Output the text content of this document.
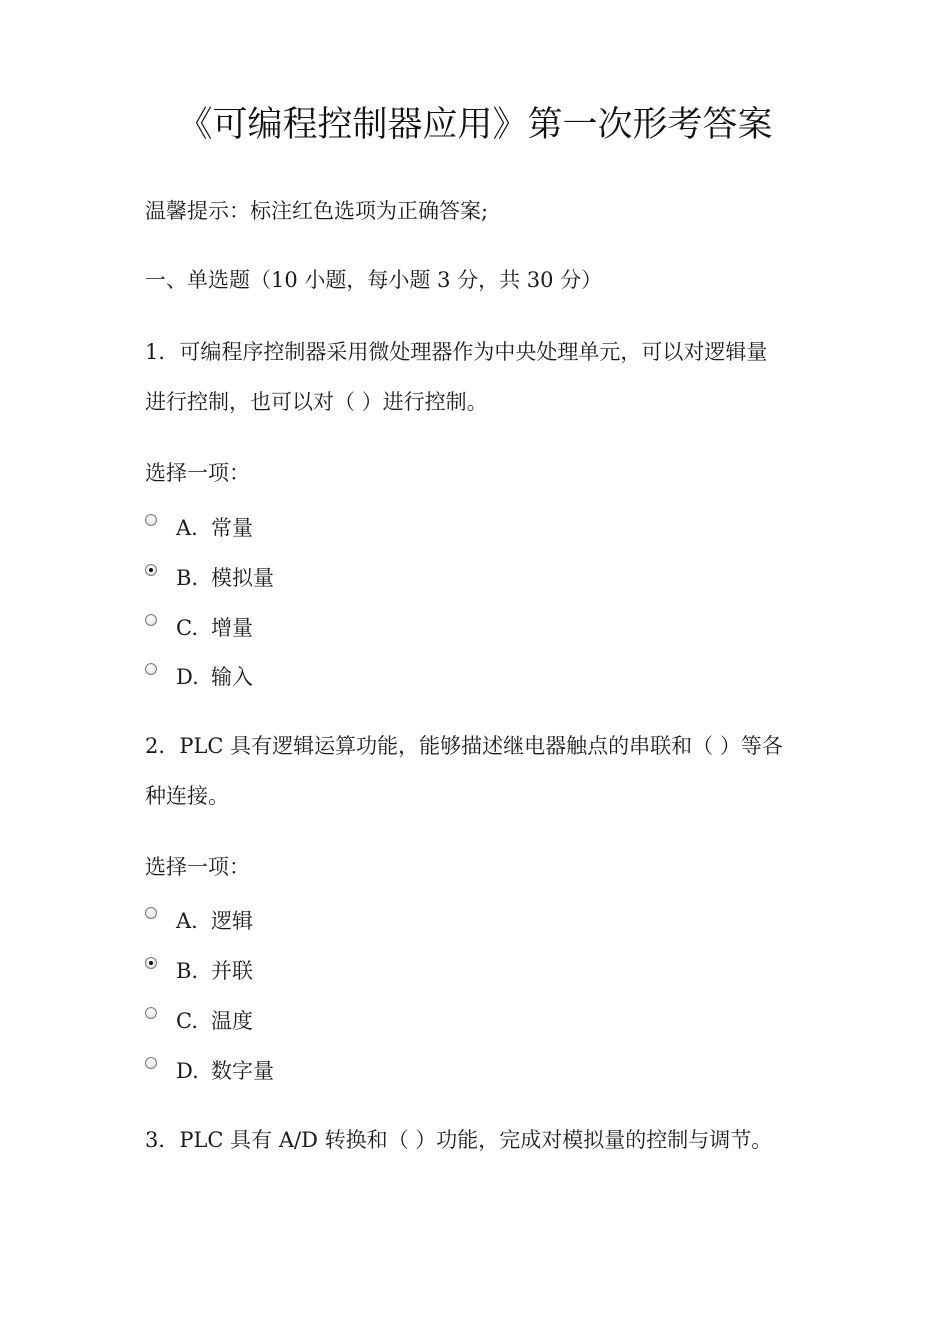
《可编程控制器应用》第一次形考答案
温馨提示：标注红色选项为正确答案;
一、单选题（10 小题，每小题 3 分，共 30 分）
1．可编程序控制器采用微处理器作为中央处理单元，可以对逻辑量
进行控制，也可以对（ ）进行控制。
选择一项：
A. 常量
B. 模拟量
C. 增量
D. 输入
2．PLC 具有逻辑运算功能，能够描述继电器触点的串联和（ ）等各
种连接。
选择一项：
A. 逻辑
B. 并联
C. 温度
D. 数字量
3．PLC 具有 A/D 转换和（ ）功能，完成对模拟量的控制与调节。
